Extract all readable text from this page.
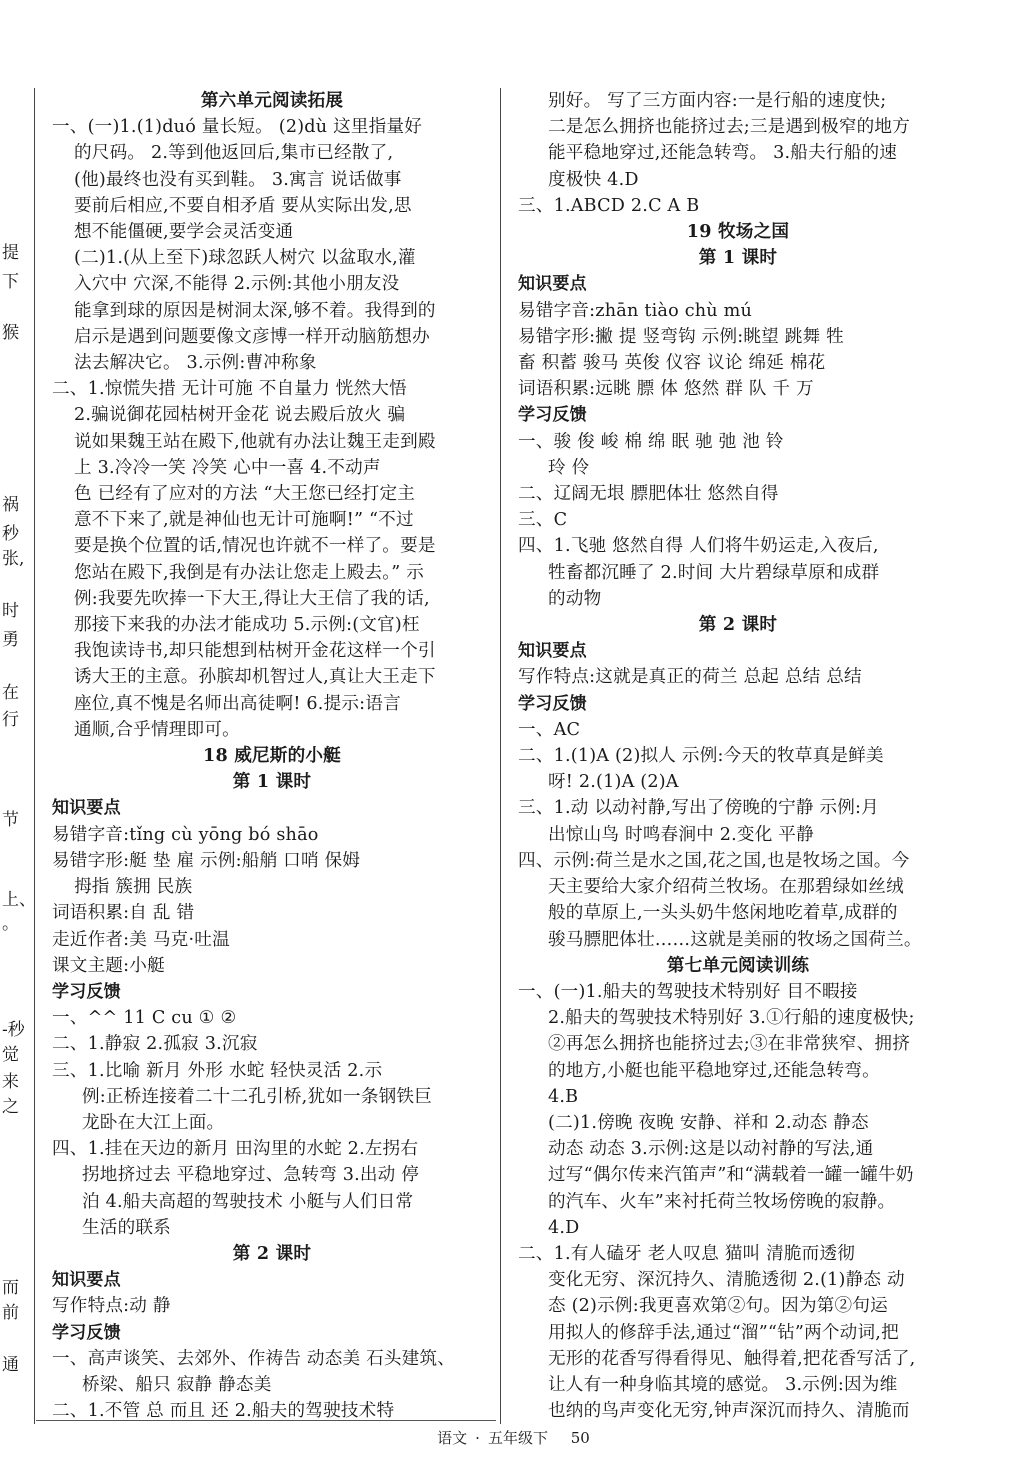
提
下
猴
祸
秒
张,
时
勇
在
行
节
上、
。
-秒
觉
来
之
而
前
通
第六单元阅读拓展
一、(一)1.(1)duó 量长短。 (2)dù 这里指量好
的尺码。 2.等到他返回后,集市已经散了,
(他)最终也没有买到鞋。 3.寓言 说话做事
要前后相应,不要自相矛盾 要从实际出发,思
想不能僵硬,要学会灵活变通
(二)1.(从上至下)球忽跃人树穴 以盆取水,灌
入穴中 穴深,不能得 2.示例:其他小朋友没
能拿到球的原因是树洞太深,够不着。我得到的
启示是遇到问题要像文彦博一样开动脑筋想办
法去解决它。 3.示例:曹冲称象
二、1.惊慌失措 无计可施 不自量力 恍然大悟
2.骗说御花园枯树开金花 说去殿后放火 骗
说如果魏王站在殿下,他就有办法让魏王走到殿
上 3.冷冷一笑 冷笑 心中一喜 4.不动声
色 已经有了应对的方法 “大王您已经打定主
意不下来了,就是神仙也无计可施啊!” “不过
要是换个位置的话,情况也许就不一样了。要是
您站在殿下,我倒是有办法让您走上殿去。” 示
例:我要先吹捧一下大王,得让大王信了我的话,
那接下来我的办法才能成功 5.示例:(文官)枉
我饱读诗书,却只能想到枯树开金花这样一个引
诱大王的主意。孙膑却机智过人,真让大王走下
座位,真不愧是名师出高徒啊! 6.提示:语言
通顺,合乎情理即可。
18 威尼斯的小艇
第 1 课时
知识要点
易错字音:tǐng cù yōng bó shāo
易错字形:艇 垫 雇 示例:船艄 口哨 保姆
拇指 簇拥 民族
词语积累:自 乱 错
走近作者:美 马克·吐温
课文主题:小艇
学习反馈
一、^^ 11 C cu ① ②
二、1.静寂 2.孤寂 3.沉寂
三、1.比喻 新月 外形 水蛇 轻快灵活 2.示
例:正桥连接着二十二孔引桥,犹如一条钢铁巨
龙卧在大江上面。
四、1.挂在天边的新月 田沟里的水蛇 2.左拐右
拐地挤过去 平稳地穿过、急转弯 3.出动 停
泊 4.船夫高超的驾驶技术 小艇与人们日常
生活的联系
第 2 课时
知识要点
写作特点:动 静
学习反馈
一、高声谈笑、去郊外、作祷告 动态美 石头建筑、
桥梁、船只 寂静 静态美
二、1.不管 总 而且 还 2.船夫的驾驶技术特
别好。 写了三方面内容:一是行船的速度快;
二是怎么拥挤也能挤过去;三是遇到极窄的地方
能平稳地穿过,还能急转弯。 3.船夫行船的速
度极快 4.D
三、1.ABCD 2.C A B
19 牧场之国
第 1 课时
知识要点
易错字音:zhān tiào chù mú
易错字形:撇 提 竖弯钩 示例:眺望 跳舞 牲
畜 积蓄 骏马 英俊 仪容 议论 绵延 棉花
词语积累:远眺 膘 体 悠然 群 队 千 万
学习反馈
一、骏 俊 峻 棉 绵 眠 驰 弛 池 铃
玲 伶
二、辽阔无垠 膘肥体壮 悠然自得
三、C
四、1.飞驰 悠然自得 人们将牛奶运走,入夜后,
牲畜都沉睡了 2.时间 大片碧绿草原和成群
的动物
第 2 课时
知识要点
写作特点:这就是真正的荷兰 总起 总结 总结
学习反馈
一、AC
二、1.(1)A (2)拟人 示例:今天的牧草真是鲜美
呀! 2.(1)A (2)A
三、1.动 以动衬静,写出了傍晚的宁静 示例:月
出惊山鸟 时鸣春涧中 2.变化 平静
四、示例:荷兰是水之国,花之国,也是牧场之国。今
天主要给大家介绍荷兰牧场。在那碧绿如丝绒
般的草原上,一头头奶牛悠闲地吃着草,成群的
骏马膘肥体壮……这就是美丽的牧场之国荷兰。
第七单元阅读训练
一、(一)1.船夫的驾驶技术特别好 目不暇接
2.船夫的驾驶技术特别好 3.①行船的速度极快;
②再怎么拥挤也能挤过去;③在非常狭窄、拥挤
的地方,小艇也能平稳地穿过,还能急转弯。
4.B
(二)1.傍晚 夜晚 安静、祥和 2.动态 静态
动态 动态 3.示例:这是以动衬静的写法,通
过写“偶尔传来汽笛声”和“满载着一罐一罐牛奶
的汽车、火车”来衬托荷兰牧场傍晚的寂静。
4.D
二、1.有人磕牙 老人叹息 猫叫 清脆而透彻
变化无穷、深沉持久、清脆透彻 2.(1)静态 动
态 (2)示例:我更喜欢第②句。因为第②句运
用拟人的修辞手法,通过“溜”“钻”两个动词,把
无形的花香写得看得见、触得着,把花香写活了,
让人有一种身临其境的感觉。 3.示例:因为维
也纳的鸟声变化无穷,钟声深沉而持久、清脆而
语文 · 五年级下 50
